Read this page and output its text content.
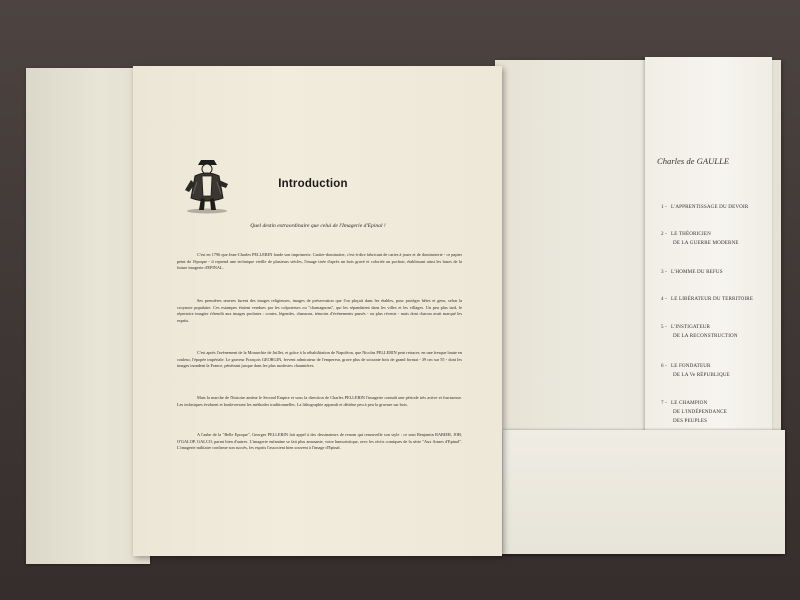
Charles de GAULLE
1 - L'APPRENTISSAGE DU DEVOIR
2 - LE THÉORICIEN
DE LA GUERRE MODERNE
3 - L'HOMME DU REFUS
4 - LE LIBÉRATEUR DU TERRITOIRE
5 - L'INSTIGATEUR
DE LA RECONSTRUCTION
6 - LE FONDATEUR
DE LA Ve RÉPUBLIQUE
7 - LE CHAMPION
DE L'INDÉPENDANCE
DES PEUPLES
Introduction
Quel destin extraordinaire que celui de l'Imagerie d'Epinal !

C'est en 1796 que Jean-Charles PELLERIN fonde son imprimerie. Cartier-dominotier, c'est-à-dire fabricant de cartes à jouer et de dominoterie - ce papier peint de l'époque - il reprend une technique vieille de plusieurs siècles, l'image tirée d'après un bois gravé et coloriée au pochoir, établissant ainsi les bases de la future imagerie d'EPINAL.

Ses premières œuvres furent des images religieuses, images de préservation que l'on plaçait dans les étables, pour protéger bêtes et gens, selon la croyance populaire. Ces estampes étaient vendues par les colporteurs ou "chamagnons", qui les répandaient dans les villes et les villages. Un peu plus tard, le répertoire imagier s'étendit aux images profanes : contes, légendes, chansons, témoins d'événements passés - ou plus récents - mais dont chacun avait marqué les esprits.

C'est après l'avènement de la Monarchie de Juillet, et grâce à la réhabilitation de Napoléon, que Nicolas PELLERIN peut retracer, en une fresque haute en couleur, l'épopée impériale. Le graveur François GEORGIN, fervent admirateur de l'empereur, grave plus de soixante bois de grand format - 39 cm sur 55 - dont les images inondent la France, pénétrant jusque dans les plus modestes chaumières.

Mais la marche de l'histoire amène le Second Empire et sous la direction de Charles PELLERIN l'imagerie connaît une période très active et fructueuse. Les techniques évoluent et bouleversent les méthodes traditionnelles. La lithographie apparaît et détrône peu à peu la gravure sur bois.

A l'aube de la "Belle Epoque", Georges PELLERIN fait appel à des dessinateurs de renom qui renouvelle son style : ce sont Benjamin RABIER, JOB, O'GALOP, GALCO, parmi bien d'autres. L'imagerie enfantine se fait plus amusante, votre humoristique, avec les récits comiques de la série "Aux Armes d'Epinal". L'imagerie militaire confirme son succès, les esprits l'associent bien souvent à l'image d'Epinal.
